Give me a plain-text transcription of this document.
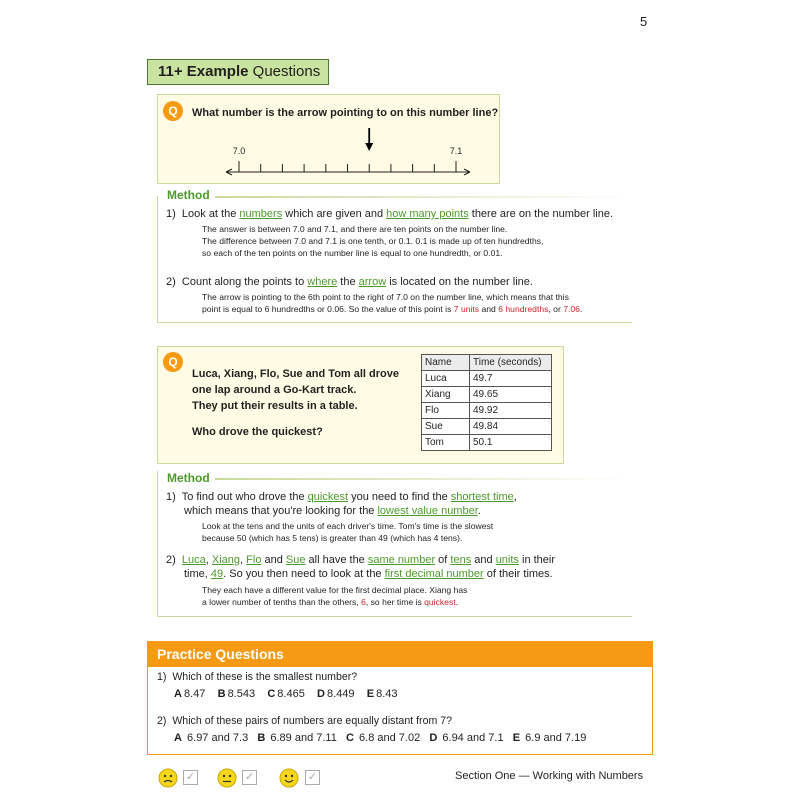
5
11+ Example Questions
Q	What number is the arrow pointing to on this number line?
7.0	7.1
Method
1) Look at the numbers which are given and how many points there are on the number line.
The answer is between 7.0 and 7.1, and there are ten points on the number line.
The difference between 7.0 and 7.1 is one tenth, or 0.1. 0.1 is made up of ten hundredths,
so each of the ten points on the number line is equal to one hundredth, or 0.01.
2) Count along the points to where the arrow is located on the number line.
The arrow is pointing to the 6th point to the right of 7.0 on the number line, which means that this
point is equal to 6 hundredths or 0.06. So the value of this point is 7 units and 6 hundredths, or 7.06.
Q
Luca, Xiang, Flo, Sue and Tom all drove
one lap around a Go-Kart track.
They put their results in a table.
Who drove the quickest?
Name	Time (seconds)
Luca	49.7
Xiang	49.65
Flo	49.92
Sue	49.84
Tom	50.1
Method
1) To find out who drove the quickest you need to find the shortest time,
which means that you're looking for the lowest value number.
Look at the tens and the units of each driver's time. Tom's time is the slowest
because 50 (which has 5 tens) is greater than 49 (which has 4 tens).
2) Luca, Xiang, Flo and Sue all have the same number of tens and units in their
time, 49. So you then need to look at the first decimal number of their times.
They each have a different value for the first decimal place. Xiang has
a lower number of tenths than the others, 6, so her time is quickest.
Practice Questions
1) Which of these is the smallest number?
A 8.47 B 8.543 C 8.465 D 8.449 E 8.43
2) Which of these pairs of numbers are equally distant from 7?
A 6.97 and 7.3 B 6.89 and 7.11 C 6.8 and 7.02 D 6.94 and 7.1 E 6.9 and 7.19
✓	✓	✓	Section One — Working with Numbers
